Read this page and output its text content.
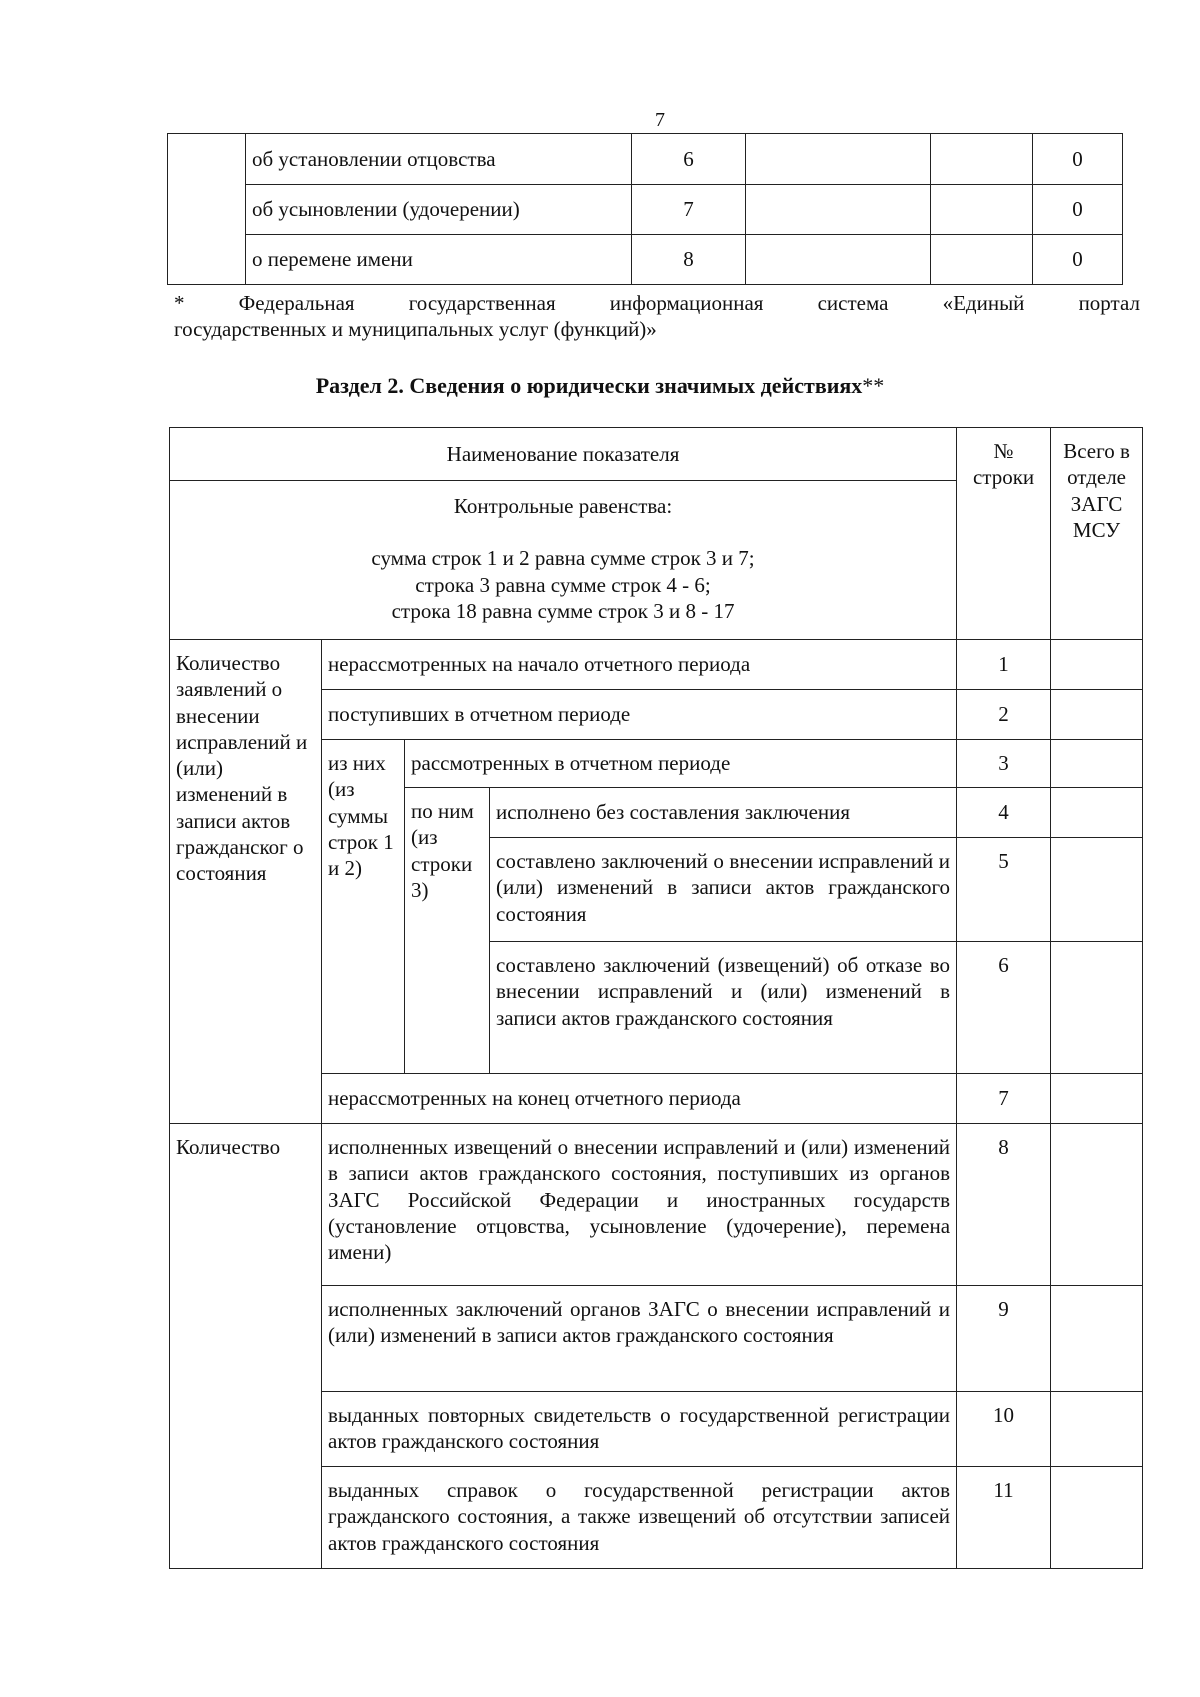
7
	об установлении отцовства	6			0
	об усыновлении (удочерении)	7			0
	о перемене имени	8			0
*	Федеральная	государственная	информационная	система	«Единый	портал
государственных и муниципальных услуг (функций)»
Раздел 2. Сведения о юридически значимых действиях**
Наименование показателя				№ строки	Всего в отделе ЗАГС МСУ

Контрольные равенства:
сумма строк 1 и 2 равна сумме строк 3 и 7;
строка 3 равна сумме строк 4 - 6;
строка 18 равна сумме строк 3 и 8 - 17					

Количество заявлений о внесении исправлений и (или) изменений в записи актов гражданског о состояния	нерассмотренных на начало отчетного периода			1	
	поступивших в отчетном периоде			2	
	из них (из суммы строк 1 и 2)	рассмотренных в отчетном периоде		3	
		по ним (из строки 3)	исполнено без составления заключения	4	
			составлено заключений о внесении исправлений и (или) изменений в записи актов гражданского состояния	5	
			составлено заключений (извещений) об отказе во внесении исправлений и (или) изменений в записи актов гражданского состояния	6	
	нерассмотренных на конец отчетного периода			7	
Количество	исполненных извещений о внесении исправлений и (или) изменений в записи актов гражданского состояния, поступивших из органов ЗАГС Российской Федерации и иностранных государств (установление отцовства, усыновление (удочерение), перемена имени)			8	
	исполненных заключений органов ЗАГС о внесении исправлений и (или) изменений в записи актов гражданского состояния			9	
	выданных повторных свидетельств о государственной регистрации актов гражданского состояния			10	
	выданных справок о государственной регистрации актов гражданского состояния, а также извещений об отсутствии записей актов гражданского состояния			11	
